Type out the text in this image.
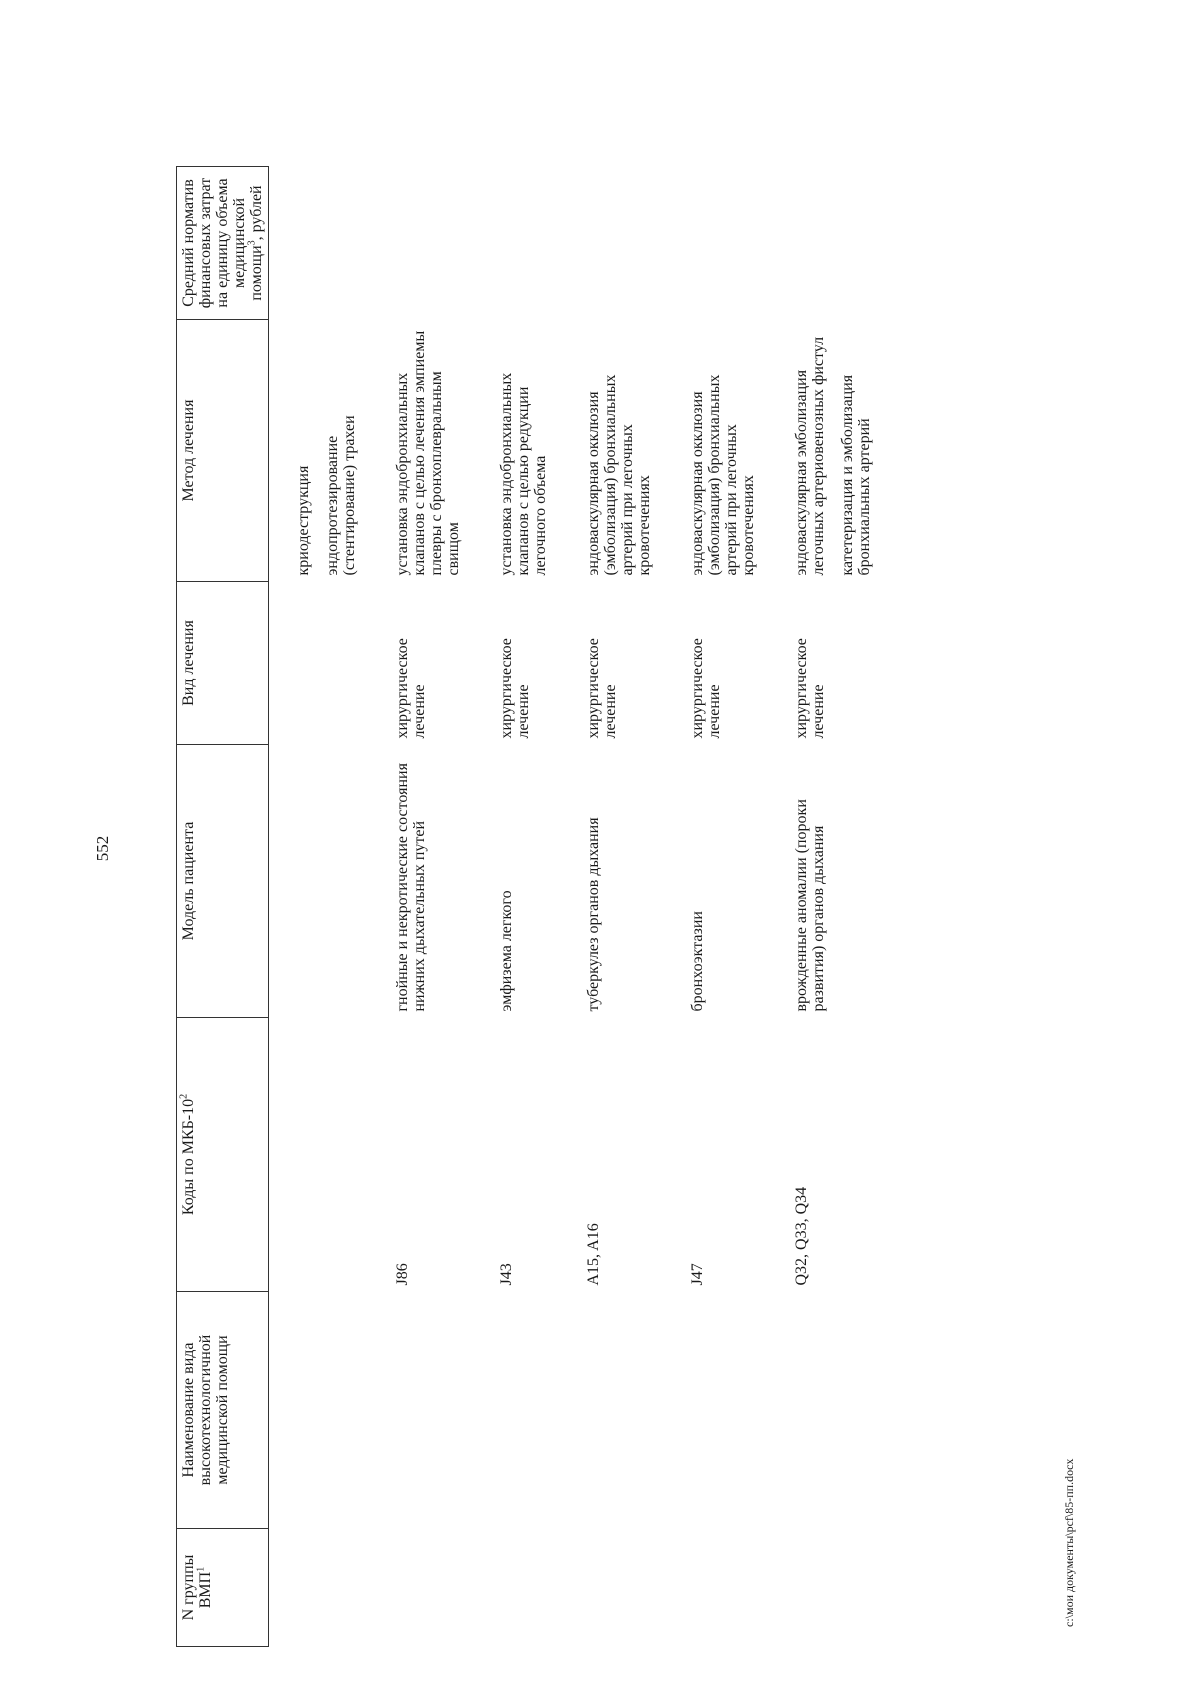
552
N группы ВМП$^1$	Наименование вида высокотехнологичной медицинской помощи	Коды по МКБ-$10^2$	Модель пациента	Вид лечения	Метод лечения	Средний норматив финансовых затрат на единицу объема медицинской помощи$^3$, рублей

					криодеструкция эндопротезирование (стентирование) трахеи	

		J86	гнойные и некротические состояния нижних дыхательных путей	хирургическое лечение	установка эндобронхиальных клапанов с целью лечения эмпиемы плевры с бронхоплевральным свищом	

		J43	эмфизема легкого	хирургическое лечение	установка эндобронхиальных клапанов с целью редукции легочного объема	

		A15, A16	туберкулез органов дыхания	хирургическое лечение	эндоваскулярная окклюзия (эмболизация) бронхиальных артерий при легочных кровотечениях	

		J47	бронхоэктазии	хирургическое лечение	эндоваскулярная окклюзия (эмболизация) бронхиальных артерий при легочных кровотечениях	

		Q32, Q33, Q34	врожденные аномалии (пороки развития) органов дыхания	хирургическое лечение	эндоваскулярная эмболизация легочных артериовенозных фистул катетеризация и эмболизация бронхиальных артерий	

c:\мои документы\pcf\85-пп.docx
